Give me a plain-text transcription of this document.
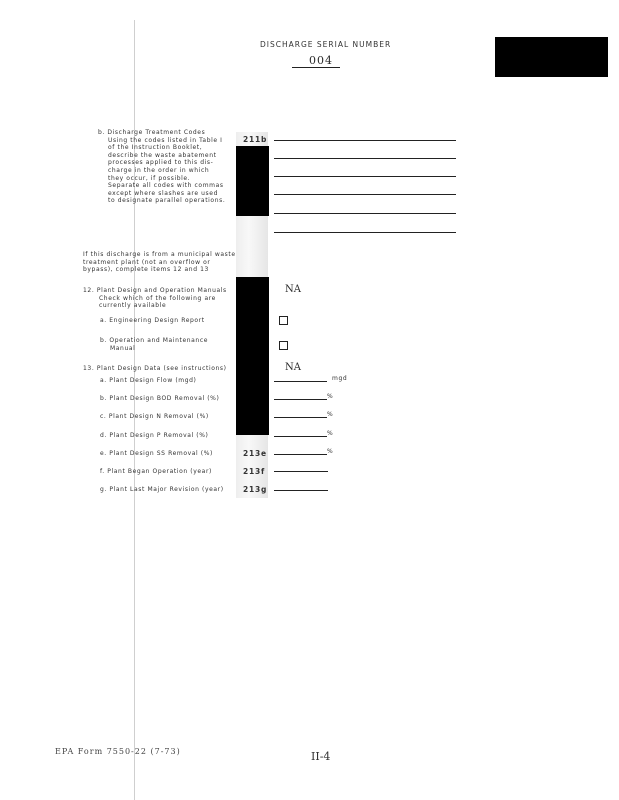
DISCHARGE SERIAL NUMBER
004
b. Discharge Treatment Codes
Using the codes listed in Table I
of the Instruction Booklet,
describe the waste abatement
processes applied to this dis-
charge in the order in which
they occur, if possible.
Separate all codes with commas
except where slashes are used
to designate parallel operations.
211b
If this discharge is from a municipal waste
treatment plant (not an overflow or
bypass), complete items 12 and 13
12. Plant Design and Operation Manuals
Check which of the following are
currently available
NA
a. Engineering Design Report
b. Operation and Maintenance
Manual
13. Plant Design Data (see instructions)	NA
a. Plant Design Flow (mgd)	mgd
b. Plant Design BOD Removal (%)	%
c. Plant Design N Removal (%)	%
d. Plant Design P Removal (%)	%
e. Plant Design SS Removal (%)	213e	%
f. Plant Began Operation (year)	213f
g. Plant Last Major Revision (year)	213g
EPA Form 7550-22 (7-73)	II-4
